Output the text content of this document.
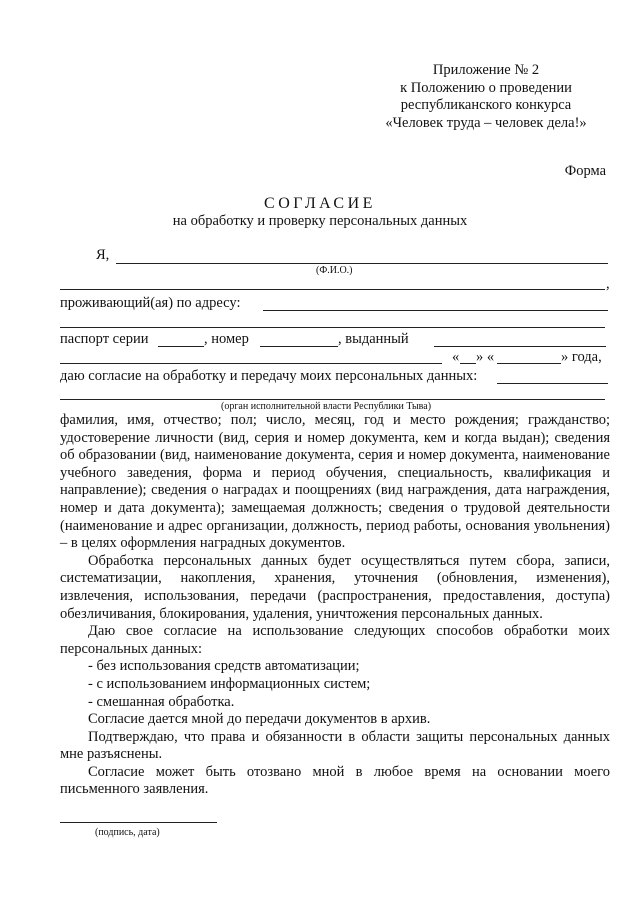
Приложение № 2
к Положению о проведении
республиканского конкурса
«Человек труда – человек дела!»
Форма
СОГЛАСИЕ
на обработку и проверку персональных данных
Я,
(Ф.И.О.)
,
проживающий(ая) по адресу:
паспорт серии	, номер	, выданный
« » «	» года,
даю согласие на обработку и передачу моих персональных данных:
(орган исполнительной власти Республики Тыва)

фамилия, имя, отчество; пол; число, месяц, год и место рождения; гражданство; удостоверение личности (вид, серия и номер документа, кем и когда выдан); сведения об образовании (вид, наименование документа, серия и номер документа, наименование учебного заведения, форма и период обучения, специальность, квалификация и направление); сведения о наградах и поощрениях (вид награждения, дата награждения, номер и дата документа); замещаемая должность; сведения о трудовой деятельности (наименование и адрес организации, должность, период работы, основания увольнения) – в целях оформления наградных документов.

Обработка персональных данных будет осуществляться путем сбора, записи, систематизации, накопления, хранения, уточнения (обновления, изменения), извлечения, использования, передачи (распространения, предоставления, доступа) обезличивания, блокирования, удаления, уничтожения персональных данных.

Даю свое согласие на использование следующих способов обработки моих персональных данных:

- без использования средств автоматизации;

- с использованием информационных систем;

- смешанная обработка.

Согласие дается мной до передачи документов в архив.

Подтверждаю, что права и обязанности в области защиты персональных данных мне разъяснены.

Согласие может быть отозвано мной в любое время на основании моего письменного заявления.

(подпись, дата)
